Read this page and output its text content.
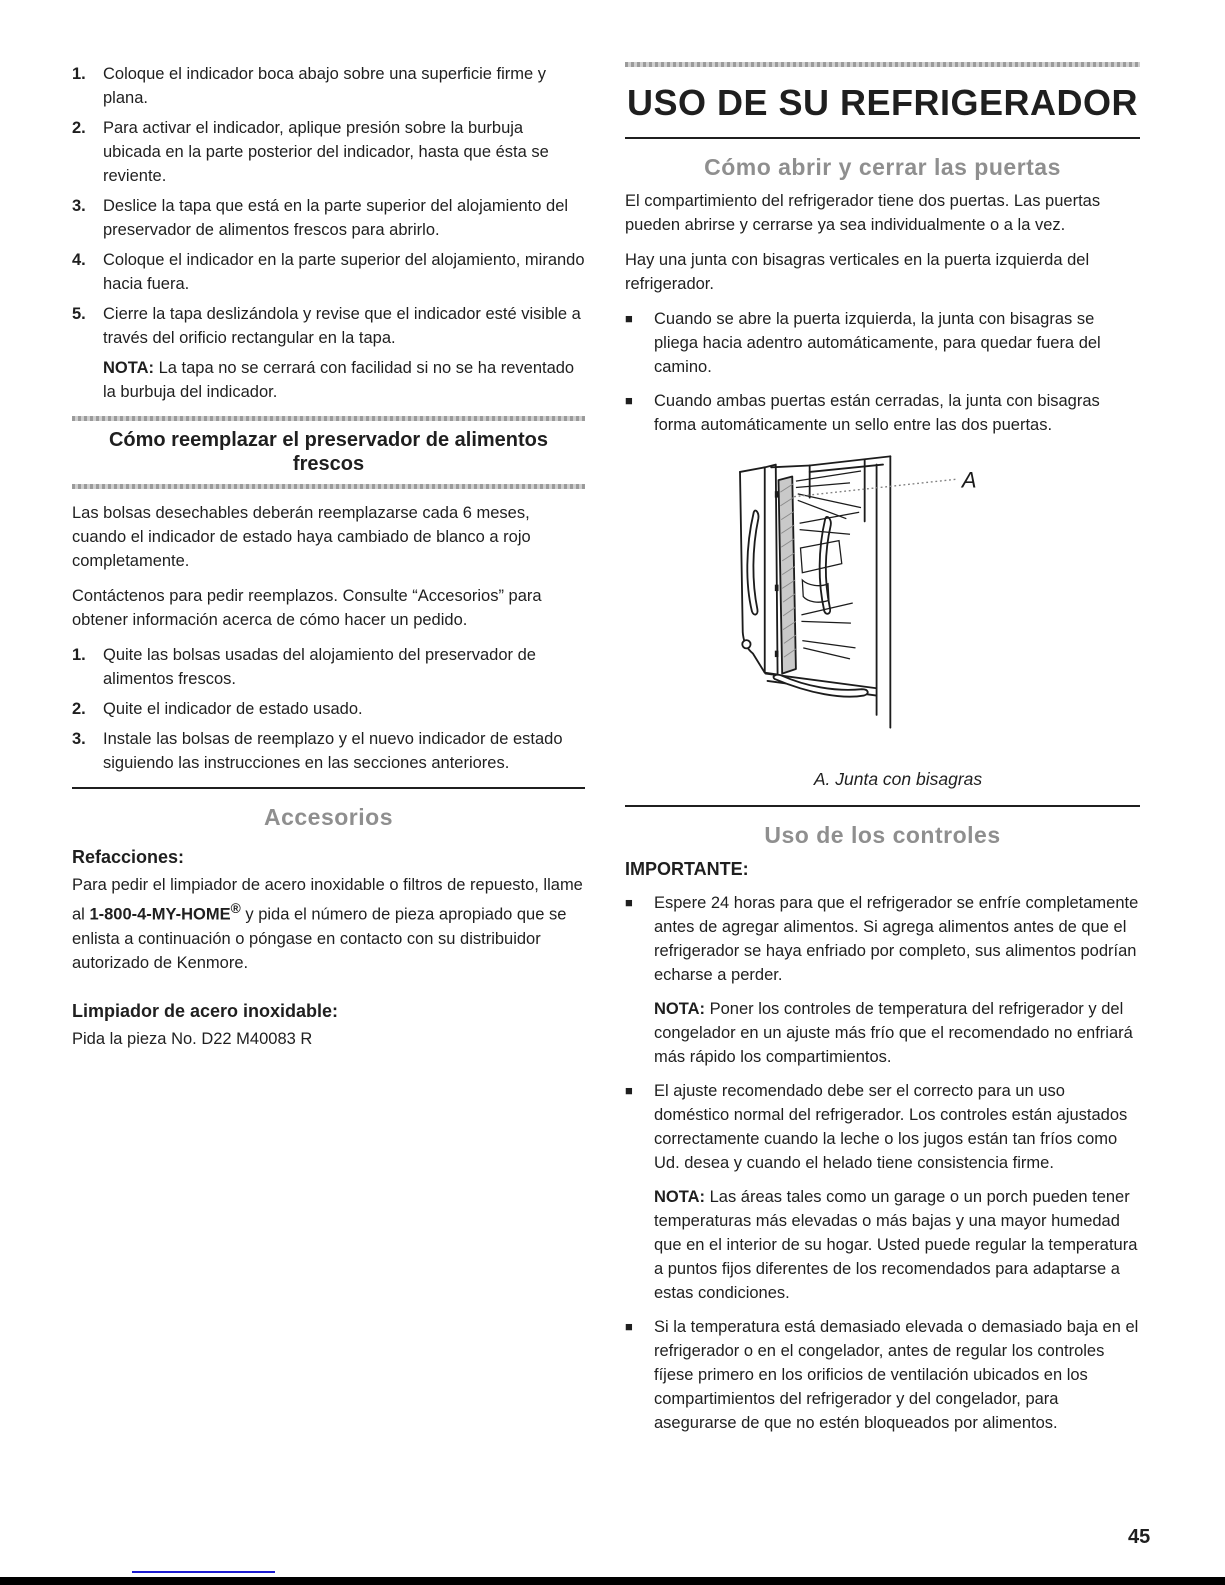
1.	Coloque el indicador boca abajo sobre una superficie firme y plana.
2.	Para activar el indicador, aplique presión sobre la burbuja ubicada en la parte posterior del indicador, hasta que ésta se reviente.
3.	Deslice la tapa que está en la parte superior del alojamiento del preservador de alimentos frescos para abrirlo.
4.	Coloque el indicador en la parte superior del alojamiento, mirando hacia fuera.
5.	Cierre la tapa deslizándola y revise que el indicador esté visible a través del orificio rectangular en la tapa.
NOTA: La tapa no se cerrará con facilidad si no se ha reventado la burbuja del indicador.
Cómo reemplazar el preservador de alimentos frescos

Las bolsas desechables deberán reemplazarse cada 6 meses, cuando el indicador de estado haya cambiado de blanco a rojo completamente.

Contáctenos para pedir reemplazos. Consulte “Accesorios” para obtener información acerca de cómo hacer un pedido.

1.	Quite las bolsas usadas del alojamiento del preservador de alimentos frescos.
2.	Quite el indicador de estado usado.
3.	Instale las bolsas de reemplazo y el nuevo indicador de estado siguiendo las instrucciones en las secciones anteriores.
Accesorios
Refacciones:

Para pedir el limpiador de acero inoxidable o filtros de repuesto, llame al 1-800-4-MY-HOME® y pida el número de pieza apropiado que se enlista a continuación o póngase en contacto con su distribuidor autorizado de Kenmore.

Limpiador de acero inoxidable:

Pida la pieza No. D22 M40083 R

USO DE SU REFRIGERADOR
Cómo abrir y cerrar las puertas

El compartimiento del refrigerador tiene dos puertas. Las puertas pueden abrirse y cerrarse ya sea individualmente o a la vez.

Hay una junta con bisagras verticales en la puerta izquierda del refrigerador.

■	Cuando se abre la puerta izquierda, la junta con bisagras se pliega hacia adentro automáticamente, para quedar fuera del camino.
■	Cuando ambas puertas están cerradas, la junta con bisagras forma automáticamente un sello entre las dos puertas.
A
A. Junta con bisagras
Uso de los controles
IMPORTANTE:
■	Espere 24 horas para que el refrigerador se enfríe completamente antes de agregar alimentos. Si agrega alimentos antes de que el refrigerador se haya enfriado por completo, sus alimentos podrían echarse a perder.
NOTA: Poner los controles de temperatura del refrigerador y del congelador en un ajuste más frío que el recomendado no enfriará más rápido los compartimientos.
■	El ajuste recomendado debe ser el correcto para un uso doméstico normal del refrigerador. Los controles están ajustados correctamente cuando la leche o los jugos están tan fríos como Ud. desea y cuando el helado tiene consistencia firme.
NOTA: Las áreas tales como un garage o un porch pueden tener temperaturas más elevadas o más bajas y una mayor humedad que en el interior de su hogar. Usted puede regular la temperatura a puntos fijos diferentes de los recomendados para adaptarse a estas condiciones.
■	Si la temperatura está demasiado elevada o demasiado baja en el refrigerador o en el congelador, antes de regular los controles fíjese primero en los orificios de ventilación ubicados en los compartimientos del refrigerador y del congelador, para asegurarse de que no estén bloqueados por alimentos.
45
